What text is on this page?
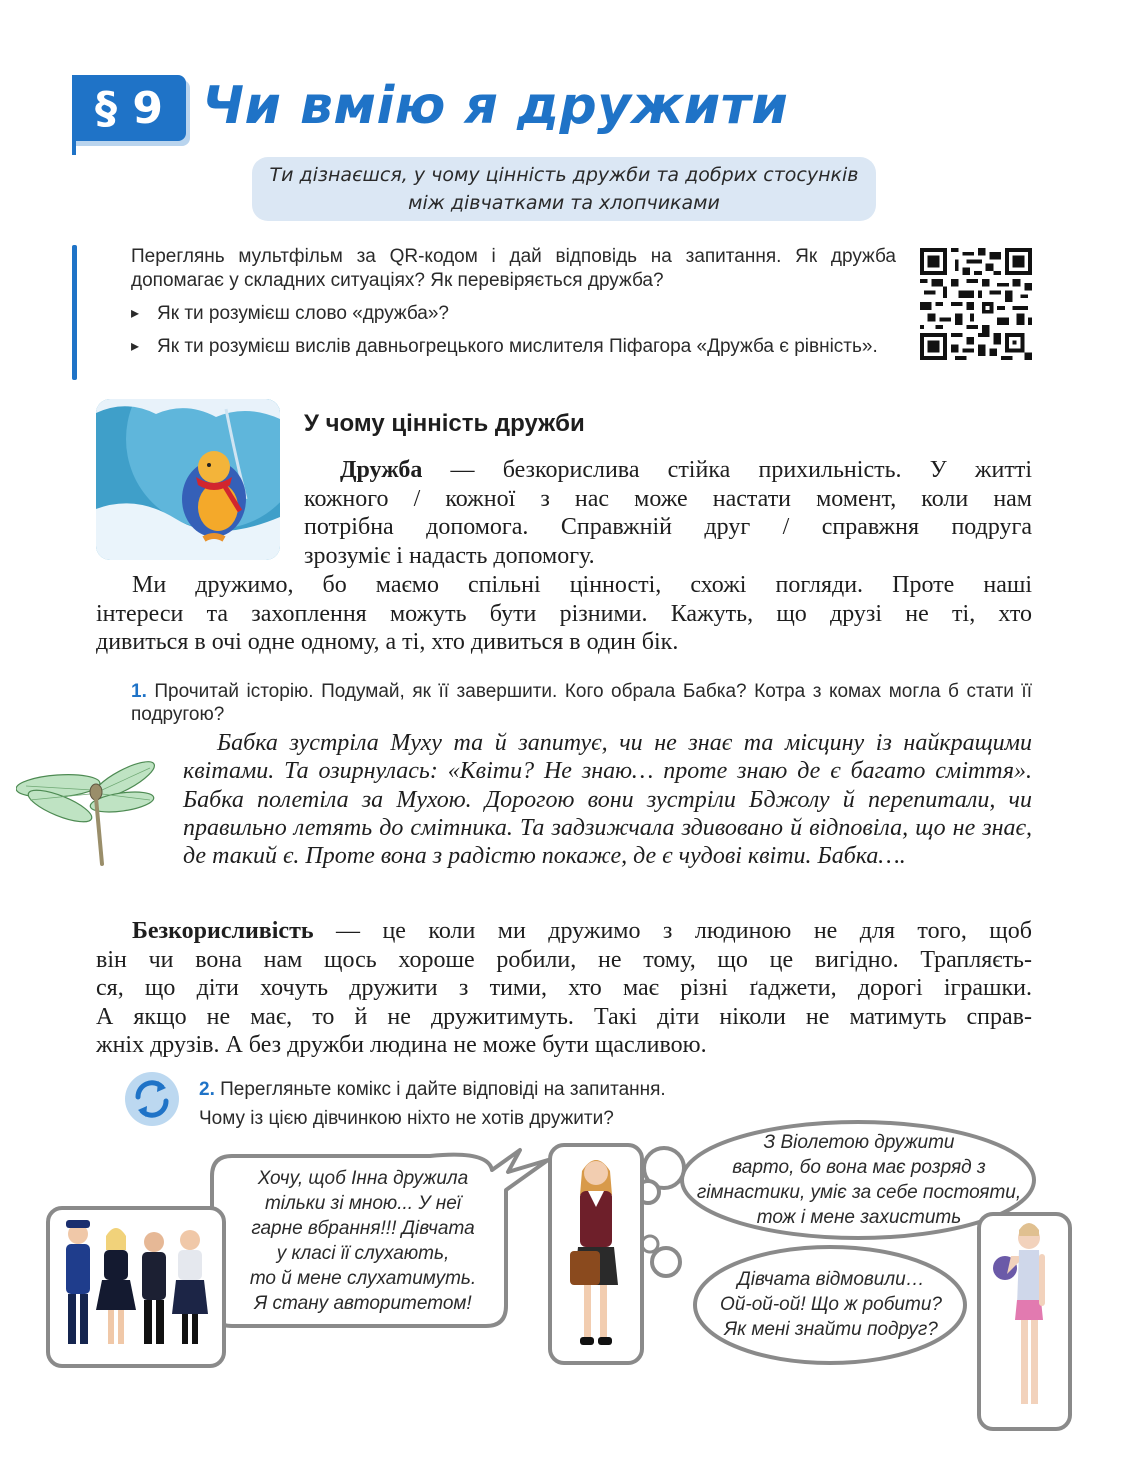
§ 9 Чи вмію я дружити
Ти дізнаєшся, у чому цінність дружби та добрих стосунків
між дівчатками та хлопчиками

Переглянь мультфільм за QR-кодом і дай відповідь на запитання. Як дружба допомагає у складних ситуаціях? Як перевіряється дружба?

▸ Як ти розумієш слово «дружба»?

▸ Як ти розумієш вислів давньогрецького мислителя Піфагора «Дружба є рівність».

У чому цінність дружби
Дружба — безкорислива стійка прихильність. У житті
кожного / кожної з нас може настати момент, коли нам
потрібна допомога. Справжній друг / справжня подруга
зрозуміє і надасть допомогу.
Ми дружимо, бо маємо спільні цінності, схожі погляди. Проте наші
інтереси та захоплення можуть бути різними. Кажуть, що друзі не ті, хто
дивиться в очі одне одному, а ті, хто дивиться в один бік.
1. Прочитай історію. Подумай, як її завершити. Кого обрала Бабка? Котра з комах могла б стати її подругою?
Бабка зустріла Муху та й запитує, чи не знає та місцину із найкращими квітами. Та озирнулась: «Квіти? Не знаю… проте знаю де є багато сміття». Бабка полетіла за Мухою. Дорогою вони зустріли Бджолу й перепитали, чи правильно летять до смітника. Та задзижчала здивовано й відповіла, що не знає, де такий є. Проте вона з радістю покаже, де є чудові квіти. Бабка….
Безкорисливість — це коли ми дружимо з людиною не для того, щоб
він чи вона нам щось хороше робили, не тому, що це вигідно. Трапляєть-
ся, що діти хочуть дружити з тими, хто має різні ґаджети, дорогі іграшки.
А якщо не має, то й не дружитимуть. Такі діти ніколи не матимуть справ-
жніх друзів. А без дружби людина не може бути щасливою.
2. Перегляньте комікс і дайте відповіді на запитання.
Чому із цією дівчинкою ніхто не хотів дружити?
Хочу, щоб Інна дружила
тільки зі мною... У неї
гарне вбрання!!! Дівчата
у класі її слухають,
то й мене слухатимуть.
Я стану авторитетом!
З Віолетою дружити
варто, бо вона має розряд з
гімнастики, уміє за себе постояти,
тож і мене захистить
Дівчата відмовили…
Ой-ой-ой! Що ж робити?
Як мені знайти подруг?
